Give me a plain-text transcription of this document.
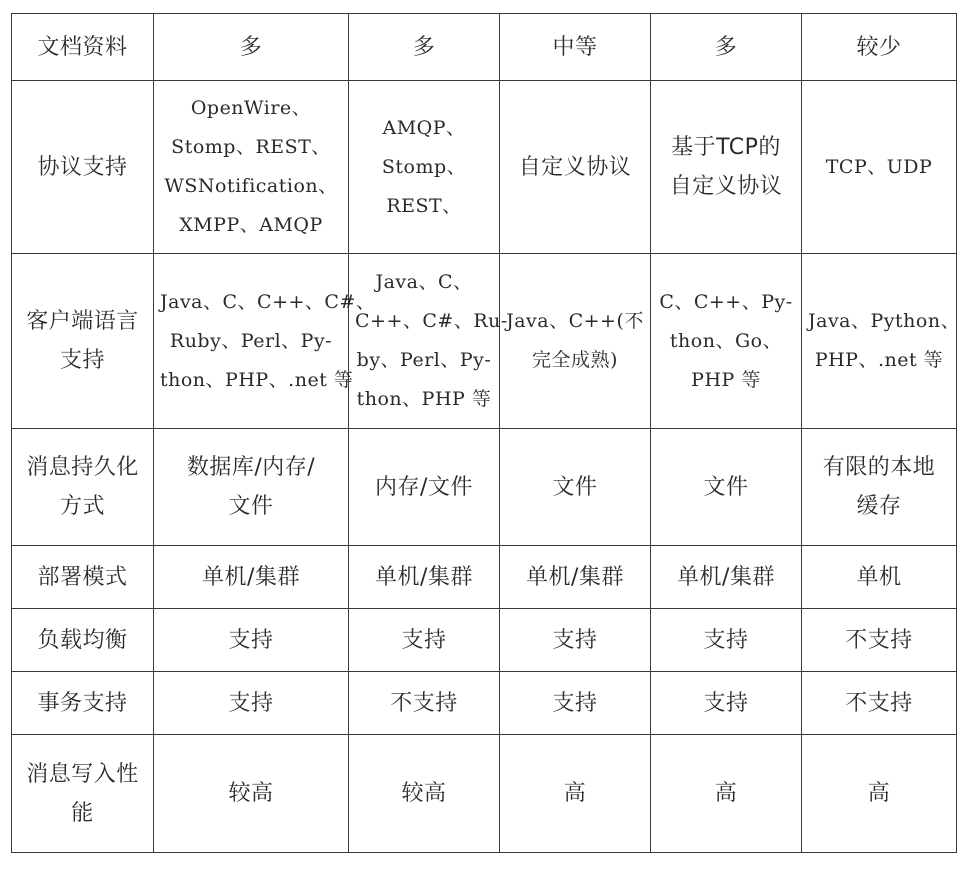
文档资料	多	多	中等	多	较少

协议支持	OpenWire、
Stomp、REST、
WSNotification、
XMPP、AMQP	AMQP、
Stomp、
REST、	自定义协议	基于TCP的
自定义协议	TCP、UDP

客户端语言
支持	Java、C、C++、C#、
Ruby、Perl、Py-
thon、PHP、.net 等	Java、C、
C++、C#、Ru-
by、Perl、Py-
thon、PHP 等	Java、C++(不
完全成熟)	C、C++、Py-
thon、Go、
PHP 等	Java、Python、
PHP、.net 等

消息持久化
方式	数据库/内存/
文件	内存/文件	文件	文件	有限的本地
缓存

部署模式	单机/集群	单机/集群	单机/集群	单机/集群	单机

负载均衡	支持	支持	支持	支持	不支持

事务支持	支持	不支持	支持	支持	不支持

消息写入性
能	较高	较高	高	高	高
